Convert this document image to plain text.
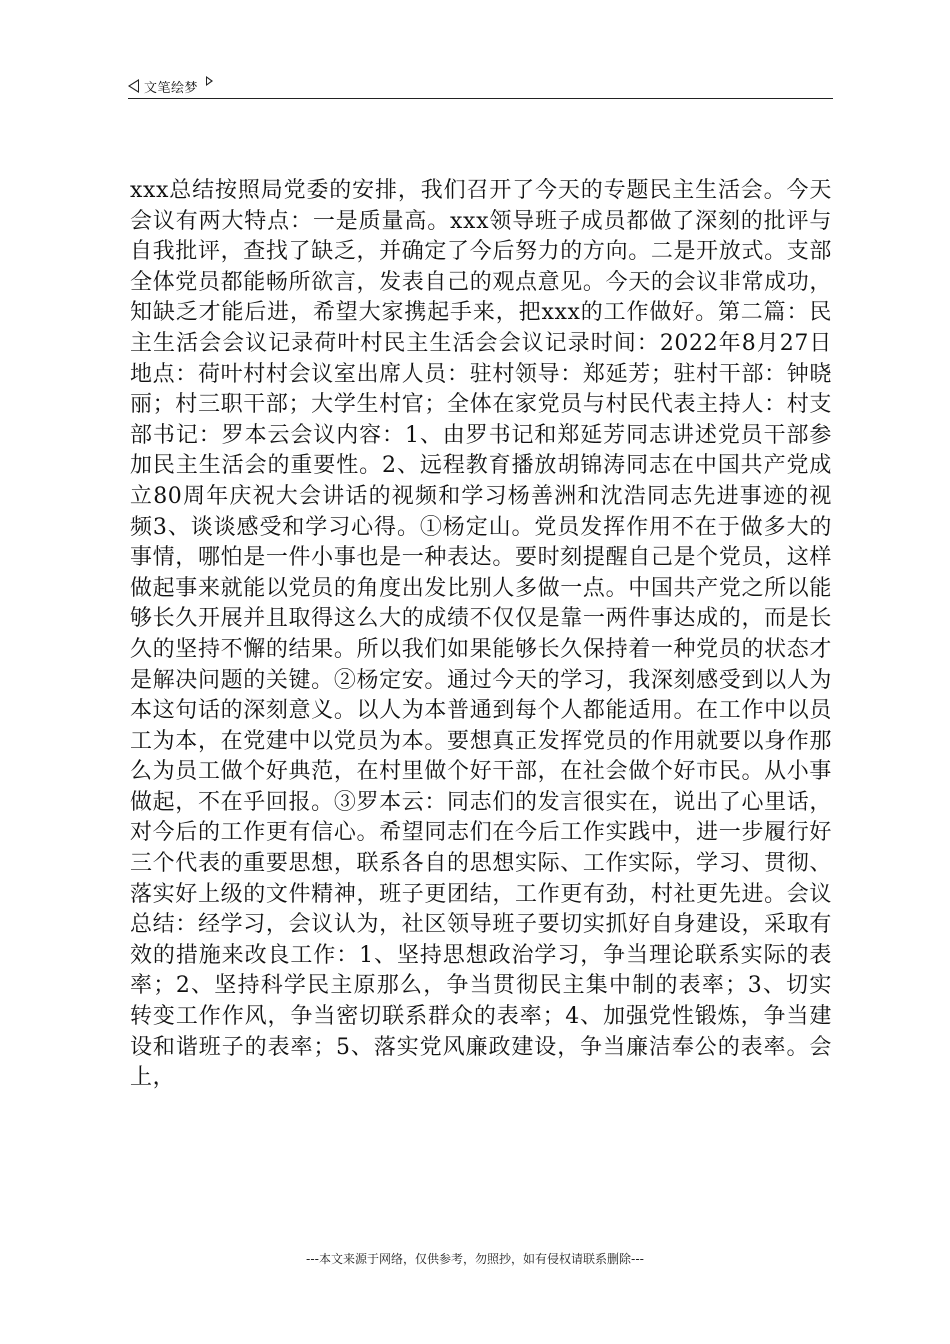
文笔绘梦
xxx总结按照局党委的安排，我们召开了今天的专题民主生活会。今天会议有两大特点：一是质量高。xxx领导班子成员都做了深刻的批评与自我批评，查找了缺乏，并确定了今后努力的方向。二是开放式。支部全体党员都能畅所欲言，发表自己的观点意见。今天的会议非常成功，知缺乏才能后进，希望大家携起手来，把xxx的工作做好。第二篇：民主生活会会议记录荷叶村民主生活会会议记录时间：2022年8月27日地点：荷叶村村会议室出席人员：驻村领导：郑延芳；驻村干部：钟晓丽；村三职干部；大学生村官；全体在家党员与村民代表主持人：村支部书记：罗本云会议内容：1、由罗书记和郑延芳同志讲述党员干部参加民主生活会的重要性。2、远程教育播放胡锦涛同志在中国共产党成立80周年庆祝大会讲话的视频和学习杨善洲和沈浩同志先进事迹的视频3、谈谈感受和学习心得。①杨定山。党员发挥作用不在于做多大的事情，哪怕是一件小事也是一种表达。要时刻提醒自己是个党员，这样做起事来就能以党员的角度出发比别人多做一点。中国共产党之所以能够长久开展并且取得这么大的成绩不仅仅是靠一两件事达成的，而是长久的坚持不懈的结果。所以我们如果能够长久保持着一种党员的状态才是解决问题的关键。②杨定安。通过今天的学习，我深刻感受到以人为本这句话的深刻意义。以人为本普通到每个人都能适用。在工作中以员工为本，在党建中以党员为本。要想真正发挥党员的作用就要以身作那么为员工做个好典范，在村里做个好干部，在社会做个好市民。从小事做起，不在乎回报。③罗本云：同志们的发言很实在，说出了心里话，对今后的工作更有信心。希望同志们在今后工作实践中，进一步履行好三个代表的重要思想，联系各自的思想实际、工作实际，学习、贯彻、落实好上级的文件精神，班子更团结，工作更有劲，村社更先进。会议总结：经学习，会议认为，社区领导班子要切实抓好自身建设，采取有效的措施来改良工作：1、坚持思想政治学习，争当理论联系实际的表率；2、坚持科学民主原那么，争当贯彻民主集中制的表率；3、切实转变工作作风，争当密切联系群众的表率；4、加强党性锻炼，争当建设和谐班子的表率；5、落实党风廉政建设，争当廉洁奉公的表率。会上，
---本文来源于网络，仅供参考，勿照抄，如有侵权请联系删除---
